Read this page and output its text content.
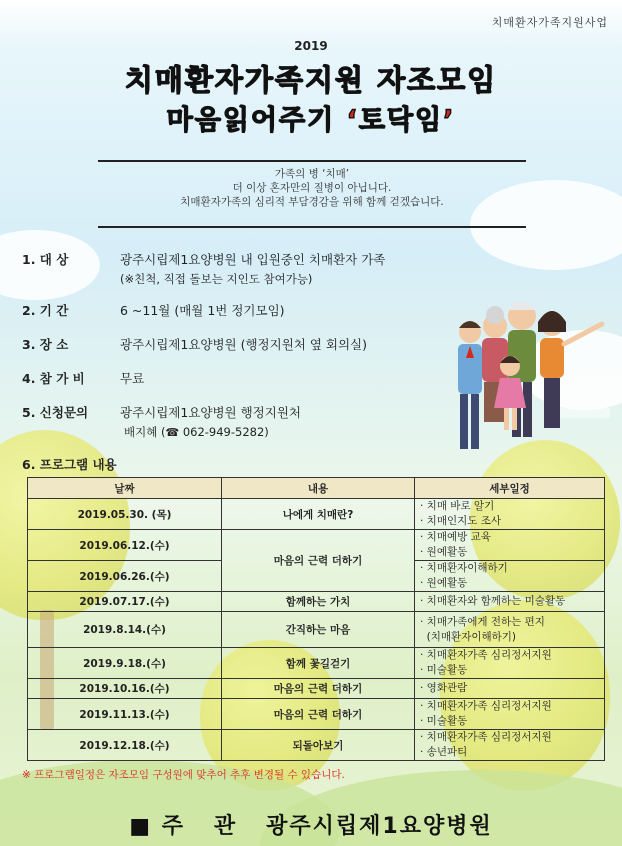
치매환자가족지원사업
2019
치매환자가족지원 자조모임
마음읽어주기 ‘토닥임’
가족의 병 ‘치매’
더 이상 혼자만의 질병이 아닙니다.
치매환자가족의 심리적 부담경감을 위해 함께 걷겠습니다.
1. 대 상	광주시립제1요양병원 내 입원중인 치매환자 가족
(※친척, 직접 돌보는 지인도 참여가능)
2. 기 간	6 ~11월 (매월 1번 정기모임)
3. 장 소	광주시립제1요양병원 (행정지원처 옆 회의실)
4. 참 가 비	무료
5. 신청문의	광주시립제1요양병원 행정지원처
배지혜 (☎ 062-949-5282)
6. 프로그램 내용
날짜	내용	세부일정
2019.05.30. (목)	나에게 치매란?	· 치매 바로 알기
· 치매인지도 조사

2019.06.12.(수)	마음의 근력 더하기	· 치매예방 교육
· 원예활동

2019.06.26.(수)		· 치매환자이해하기
· 원예활동

2019.07.17.(수)	함께하는 가치	· 치매환자와 함께하는 미술활동

2019.8.14.(수)	간직하는 마음	· 치매가족에게 전하는 편지
(치매환자이해하기)

2019.9.18.(수)	함께 꽃길걷기	· 치매환자가족 심리정서지원
· 미술활동

2019.10.16.(수)	마음의 근력 더하기	· 영화관람

2019.11.13.(수)	마음의 근력 더하기	· 치매환자가족 심리정서지원
· 미술활동

2019.12.18.(수)	되돌아보기	· 치매환자가족 심리정서지원
· 송년파티
※ 프로그램일정은 자조모임 구성원에 맞추어 추후 변경될 수 있습니다.
■ 주   관   광주시립제1요양병원
